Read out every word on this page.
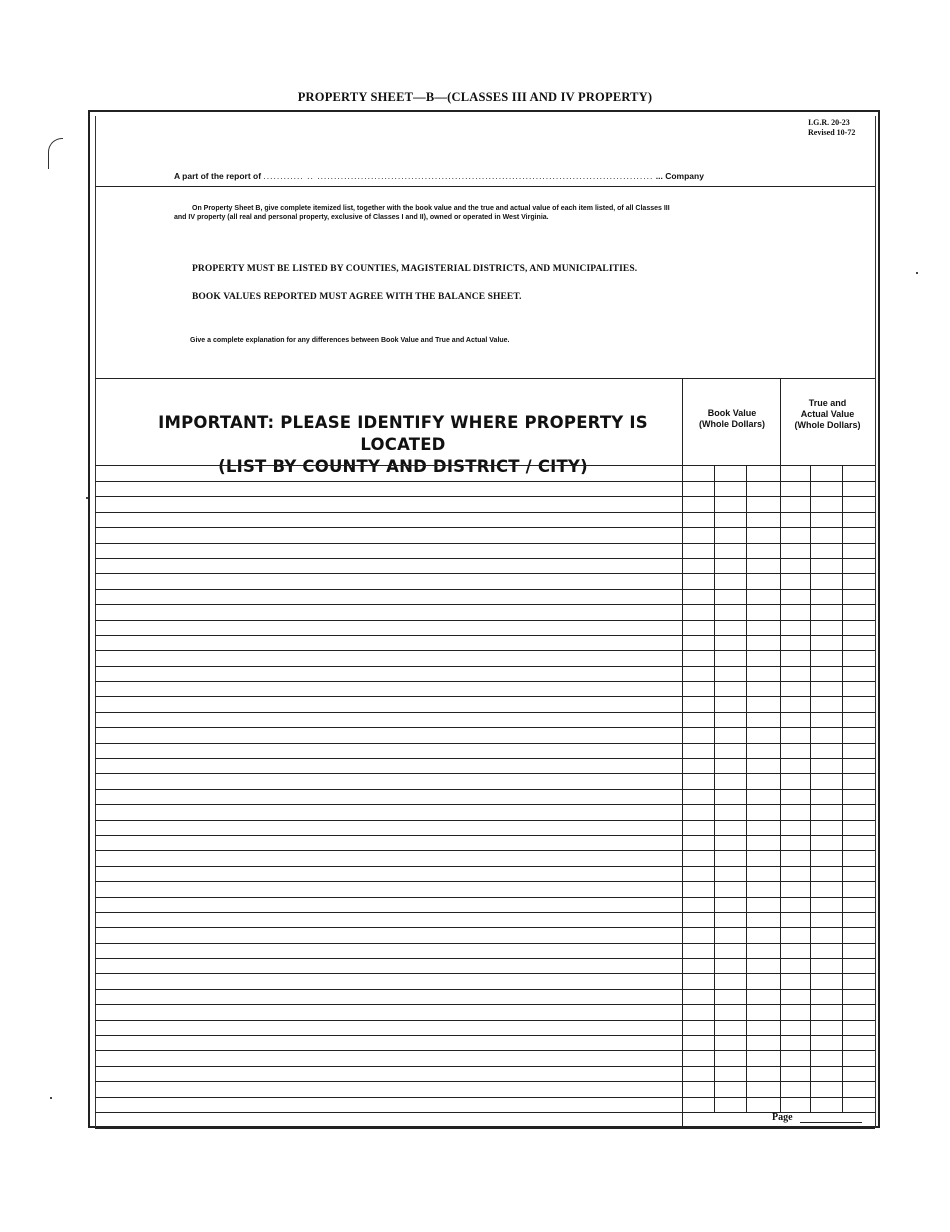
PROPERTY SHEET—B—(CLASSES III AND IV PROPERTY)
I.G.R. 20-23
Revised 10-72
A part of the report of ............ .. .................................................................................................... ... Company
On Property Sheet B, give complete itemized list, together with the book value and the true and actual value of each item listed, of all Classes III
and IV property (all real and personal property, exclusive of Classes I and II), owned or operated in West Virginia.
PROPERTY MUST BE LISTED BY COUNTIES, MAGISTERIAL DISTRICTS, AND MUNICIPALITIES.
BOOK VALUES REPORTED MUST AGREE WITH THE BALANCE SHEET.
Give a complete explanation for any differences between Book Value and True and Actual Value.
IMPORTANT: PLEASE IDENTIFY WHERE PROPERTY IS LOCATED
(LIST BY COUNTY AND DISTRICT / CITY)
Book Value
(Whole Dollars)
True and
Actual Value
(Whole Dollars)
Page
